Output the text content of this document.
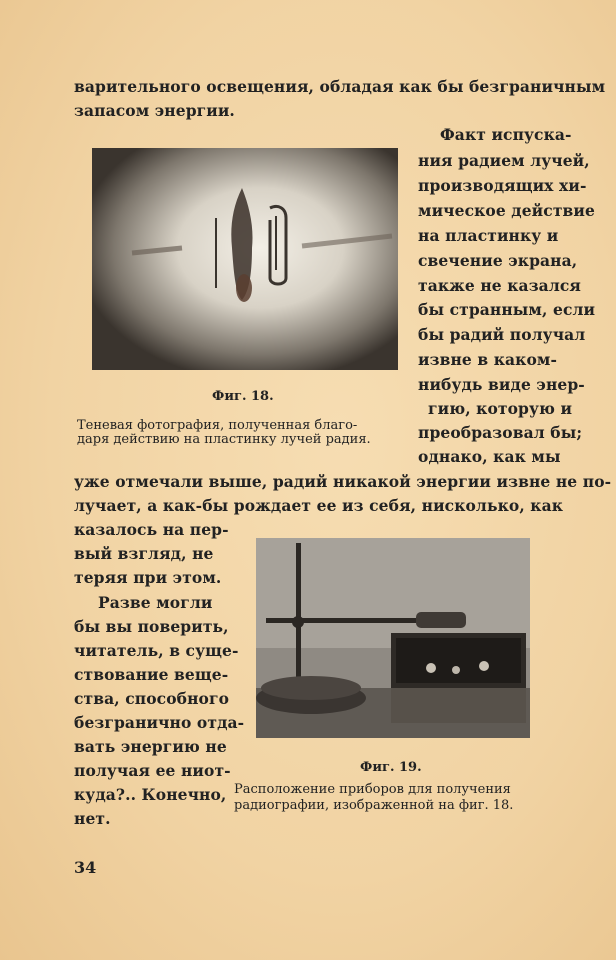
варительного освещения, обладая как бы безграничным
запасом энергии.
Фиг. 18.
Теневая фотография, полученная благо-
даря действию на пластинку лучей радия.
Факт испуска-
ния радием лучей,
производящих хи-
мическое действие
на пластинку и
свечение экрана,
также не казался
бы странным, если
бы радий получал
извне в каком-
нибудь виде энер-
гию, которую и
преобразовал бы;
однако, как мы
уже отмечали выше, радий никакой энергии извне не по-
лучает, а как-бы рождает ее из себя, нисколько, как
казалось на пер-
вый взгляд, не
теряя при этом.
Разве могли
бы вы поверить,
читатель, в суще-
ствование веще-
ства, способного
безгранично отда-
вать энергию не
получая ее ниот-
куда?.. Конечно,
нет.
Фиг. 19.
Расположение приборов для получения
радиографии, изображенной на фиг. 18.
34
